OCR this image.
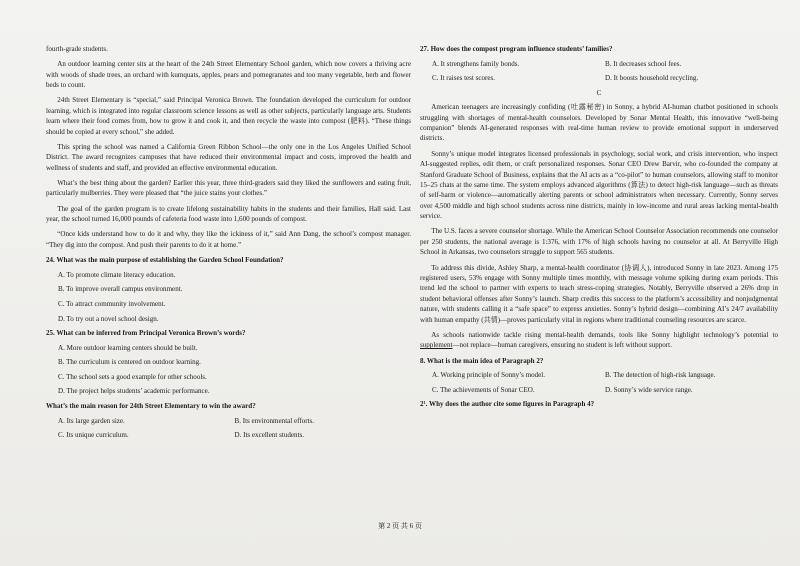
fourth-grade students.

An outdoor learning center sits at the heart of the 24th Street Elementary School garden, which now covers a thriving acre with woods of shade trees, an orchard with kumquats, apples, pears and pomegranates and too many vegetable, herb and flower beds to count.

24th Street Elementary is “special,” said Principal Veronica Brown. The foundation developed the curriculum for outdoor learning, which is integrated into regular classroom science lessons as well as other subjects, particularly language arts. Students learn where their food comes from, how to grow it and cook it, and then recycle the waste into compost (肥料). “These things should be copied at every school,” she added.

This spring the school was named a California Green Ribbon School—the only one in the Los Angeles Unified School District. The award recognizes campuses that have reduced their environmental impact and costs, improved the health and wellness of students and staff, and provided an effective environmental education.

What’s the best thing about the garden? Earlier this year, three third-graders said they liked the sunflowers and eating fruit, particularly mulberries. They were pleased that “the juice stains your clothes.”

The goal of the garden program is to create lifelong sustainability habits in the students and their families, Hall said. Last year, the school turned 16,000 pounds of cafeteria food waste into 1,600 pounds of compost.

“Once kids understand how to do it and why, they like the ickiness of it,” said Ann Dang, the school’s compost manager. “They dig into the compost. And push their parents to do it at home.”

24. What was the main purpose of establishing the Garden School Foundation?
A. To promote climate literacy education.
B. To improve overall campus environment.
C. To attract community involvement.
D. To try out a novel school design.
25. What can be inferred from Principal Veronica Brown’s words?
A. More outdoor learning centers should be built.
B. The curriculum is centered on outdoor learning.
C. The school sets a good example for other schools.
D. The project helps students’ academic performance.
What’s the main reason for 24th Street Elementary to win the award?
A. Its large garden size.	B. Its environmental efforts.
C. Its unique curriculum.	D. Its excellent students.
27. How does the compost program influence students’ families?
A. It strengthens family bonds.	B. It decreases school fees.
C. It raises test scores.	D. It boosts household recycling.
C

American teenagers are increasingly confiding (吐露秘密) in Sonny, a hybrid AI-human chatbot positioned in schools struggling with shortages of mental-health counselors. Developed by Sonar Mental Health, this innovative “well-being companion” blends AI-generated responses with real-time human review to provide emotional support in underserved districts.

Sonny’s unique model integrates licensed professionals in psychology, social work, and crisis intervention, who inspect AI-suggested replies, edit them, or craft personalized responses. Sonar CEO Drew Barvir, who co-founded the company at Stanford Graduate School of Business, explains that the AI acts as a “co-pilot” to human counselors, allowing staff to monitor 15–25 chats at the same time. The system employs advanced algorithms (算法) to detect high-risk language—such as threats of self-harm or violence—automatically alerting parents or school administrators when necessary. Currently, Sonny serves over 4,500 middle and high school students across nine districts, mainly in low-income and rural areas lacking mental-health service.

The U.S. faces a severe counselor shortage. While the American School Counselor Association recommends one counselor per 250 students, the national average is 1:376, with 17% of high schools having no counselor at all. At Berryville High School in Arkansas, two counselors struggle to support 565 students.

To address this divide, Ashley Sharp, a mental-health coordinator (协调人), introduced Sonny in late 2023. Among 175 registered users, 53% engage with Sonny multiple times monthly, with message volume spiking during exam periods. This trend led the school to partner with experts to teach stress-coping strategies. Notably, Berryville observed a 26% drop in student behavioral offenses after Sonny’s launch. Sharp credits this success to the platform’s accessibility and nonjudgmental nature, with students calling it a “safe space” to express anxieties. Sonny’s hybrid design—combining AI’s 24/7 availability with human empathy (共情)—proves particularly vital in regions where traditional counseling resources are scarce.

As schools nationwide tackle rising mental-health demands, tools like Sonny highlight technology’s potential to supplement—not replace—human caregivers, ensuring no student is left without support.

8. What is the main idea of Paragraph 2?
A. Working principle of Sonny’s model.	B. The detection of high-risk language.
C. The achievements of Sonar CEO.	D. Sonny’s wide service range.
2¹. Why does the author cite some figures in Paragraph 4?
第 2 页 共 6 页
